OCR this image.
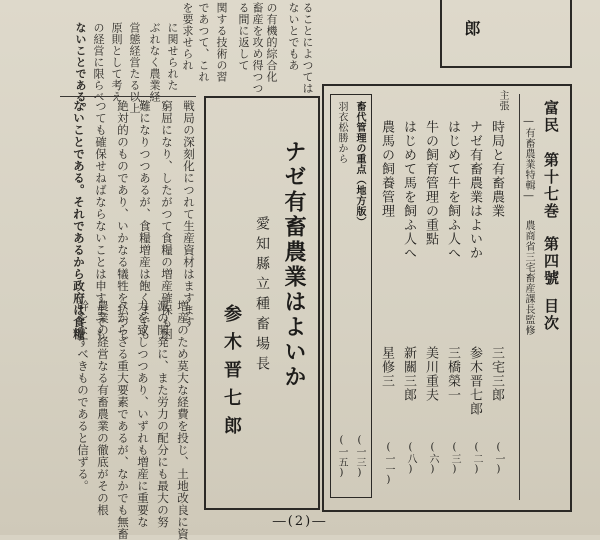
ないとでもあ ることによつては
る間に返して 畜産を攻め得つつ の有機的綜合化
関する技術の習
であつて、これ
を要求せられ	郎
に関せられた
ぶれなく農業経
営態経営たる以上
原則として考え
の経営に限らべ
ないことである。
戦局の深刻化につれて生産資材はますます
窮屈になり、したがつて食糧の増産確保も困
難になりつつあるが、食糧増産は飽くまでも
絶対的のものであり、いかなる犠牲を払つて
つても確保せねばならないことは申すまでも
ないことである。それであるから政府は食糧
増産のため莫大な経費を投じ、土地改良に資
源の開発に、また労力の配分にも最大の努
力を致しつつあり、いずれも増産に重要な
べからざる重大要素であるが、なかでも無畜
農業の経営なる有畜農業の徹底がその根
幹をなすべきものであると信ずる。
ナゼ有畜農業はよいか
愛知縣立種畜場長
参木晋七郎
富民
第十七巻
第四號
目次
―有畜農業特輯―
農商省三宅畜産課長監修
主張
時局と有畜農業
三宅三郎
(一)
ナゼ有畜農業はよいか
参木晋七郎
(二)
はじめて牛を飼ふ人へ
三橋榮一
(三)
牛の飼育管理の重點
美川重夫
(六)
はじめて馬を飼ふ人へ
新關三郎
(八)
農馬の飼養管理
星修三
(一一)
畜代管理の重点（地方版）
(一三)
羽衣松勝から
(一五)
―(2)―
